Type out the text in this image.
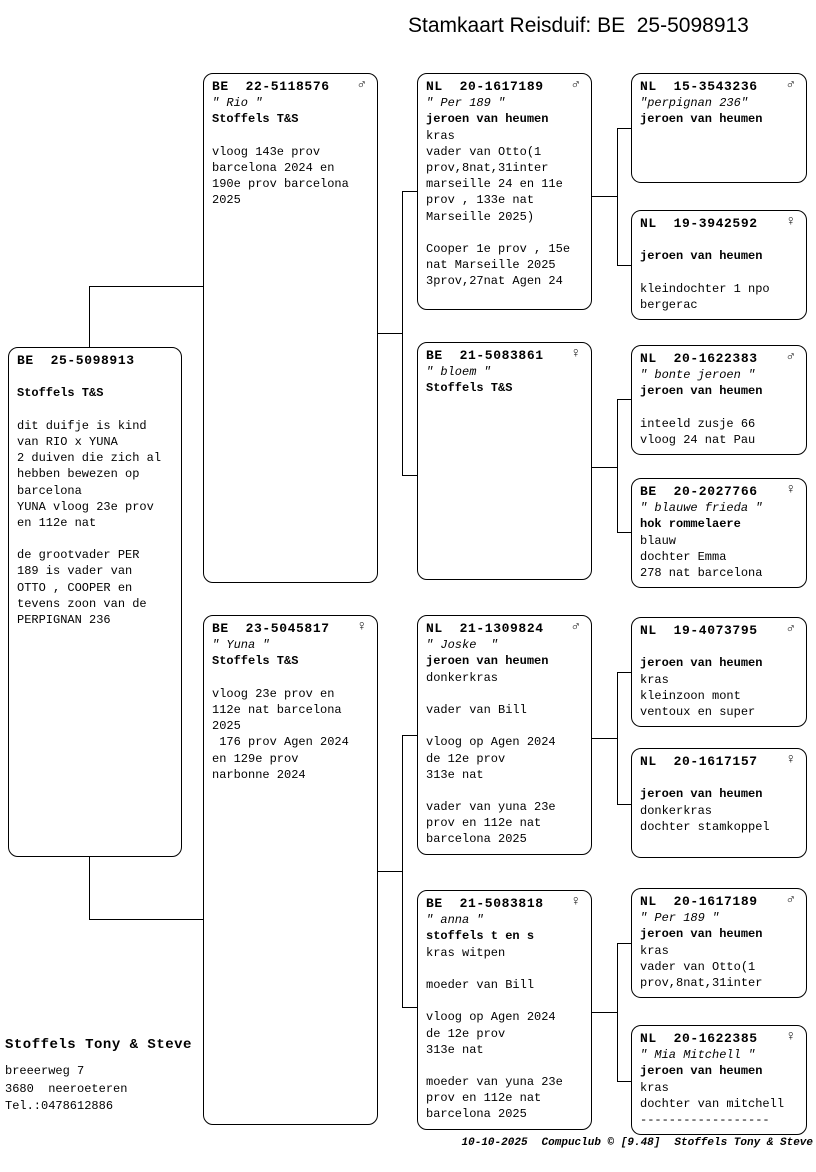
Stamkaart Reisduif: BE  25-5098913
BE  25-5098913
Stoffels T&S
dit duifje is kind
van RIO x YUNA
2 duiven die zich al
hebben bewezen op
barcelona
YUNA vloog 23e prov
en 112e nat
de grootvader PER
189 is vader van
OTTO , COOPER en
tevens zoon van de
PERPIGNAN 236
♂
BE  22-5118576
" Rio "
Stoffels T&S
vloog 143e prov
barcelona 2024 en
190e prov barcelona
2025
♀
BE  23-5045817
" Yuna "
Stoffels T&S
vloog 23e prov en
112e nat barcelona
2025
176 prov Agen 2024
en 129e prov
narbonne 2024
♂
NL  20-1617189
" Per 189 "
jeroen van heumen
kras
vader van Otto(1
prov,8nat,31inter
marseille 24 en 11e
prov , 133e nat
Marseille 2025)
Cooper 1e prov , 15e
nat Marseille 2025
3prov,27nat Agen 24
♀
BE  21-5083861
" bloem "
Stoffels T&S
♂
NL  21-1309824
" Joske  "
jeroen van heumen
donkerkras
vader van Bill
vloog op Agen 2024
de 12e prov
313e nat
vader van yuna 23e
prov en 112e nat
barcelona 2025
♀
BE  21-5083818
" anna "
stoffels t en s
kras witpen
moeder van Bill
vloog op Agen 2024
de 12e prov
313e nat
moeder van yuna 23e
prov en 112e nat
barcelona 2025
♂
NL  15-3543236
"perpignan 236"
jeroen van heumen
♀
NL  19-3942592
jeroen van heumen
kleindochter 1 npo
bergerac
♂
NL  20-1622383
" bonte jeroen "
jeroen van heumen
inteeld zusje 66
vloog 24 nat Pau
♀
BE  20-2027766
" blauwe frieda "
hok rommelaere
blauw
dochter Emma
278 nat barcelona
♂
NL  19-4073795
jeroen van heumen
kras
kleinzoon mont
ventoux en super
♀
NL  20-1617157
jeroen van heumen
donkerkras
dochter stamkoppel
♂
NL  20-1617189
" Per 189 "
jeroen van heumen
kras
vader van Otto(1
prov,8nat,31inter
♀
NL  20-1622385
" Mia Mitchell "
jeroen van heumen
kras
dochter van mitchell
------------------
Stoffels Tony & Steve
breeerweg 7
3680  neeroeteren
Tel.:0478612886
10-10-2025 Compuclub © [9.48] Stoffels Tony & Steve
